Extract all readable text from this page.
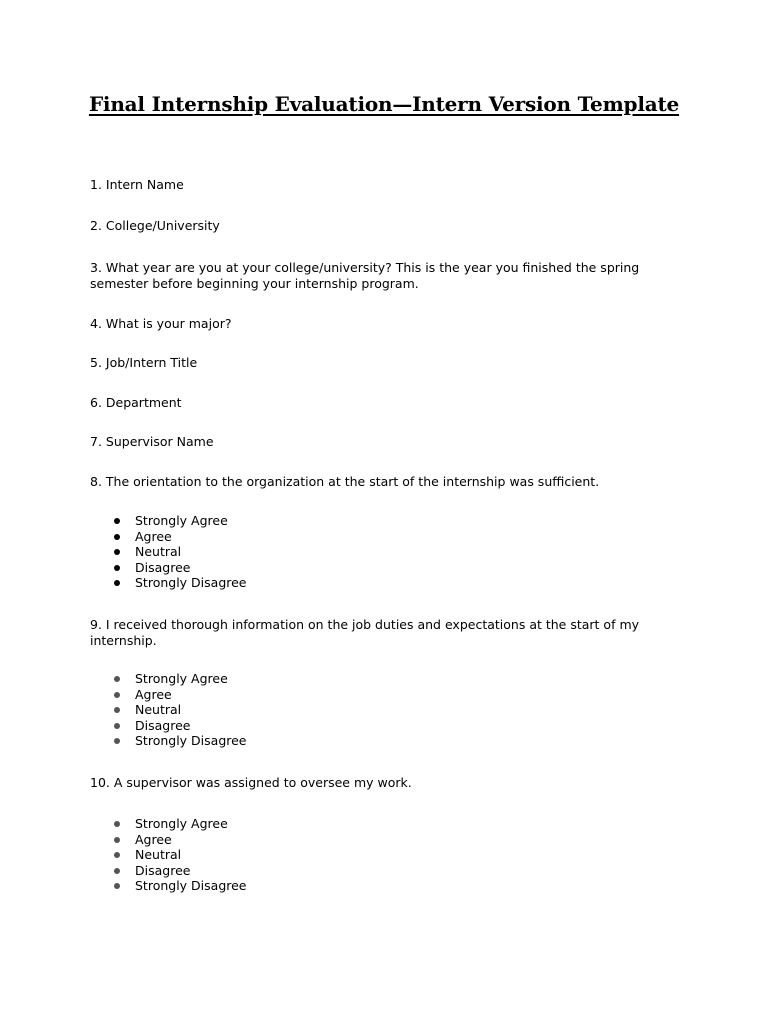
Final Internship Evaluation—Intern Version Template

1. Intern Name

2. College/University

3. What year are you at your college/university? This is the year you finished the spring semester before beginning your internship program.

4. What is your major?

5. Job/Intern Title

6. Department

7. Supervisor Name

8. The orientation to the organization at the start of the internship was sufficient.

Strongly Agree
Agree
Neutral
Disagree
Strongly Disagree

9. I received thorough information on the job duties and expectations at the start of my internship.

Strongly Agree
Agree
Neutral
Disagree
Strongly Disagree

10. A supervisor was assigned to oversee my work.

Strongly Agree
Agree
Neutral
Disagree
Strongly Disagree
